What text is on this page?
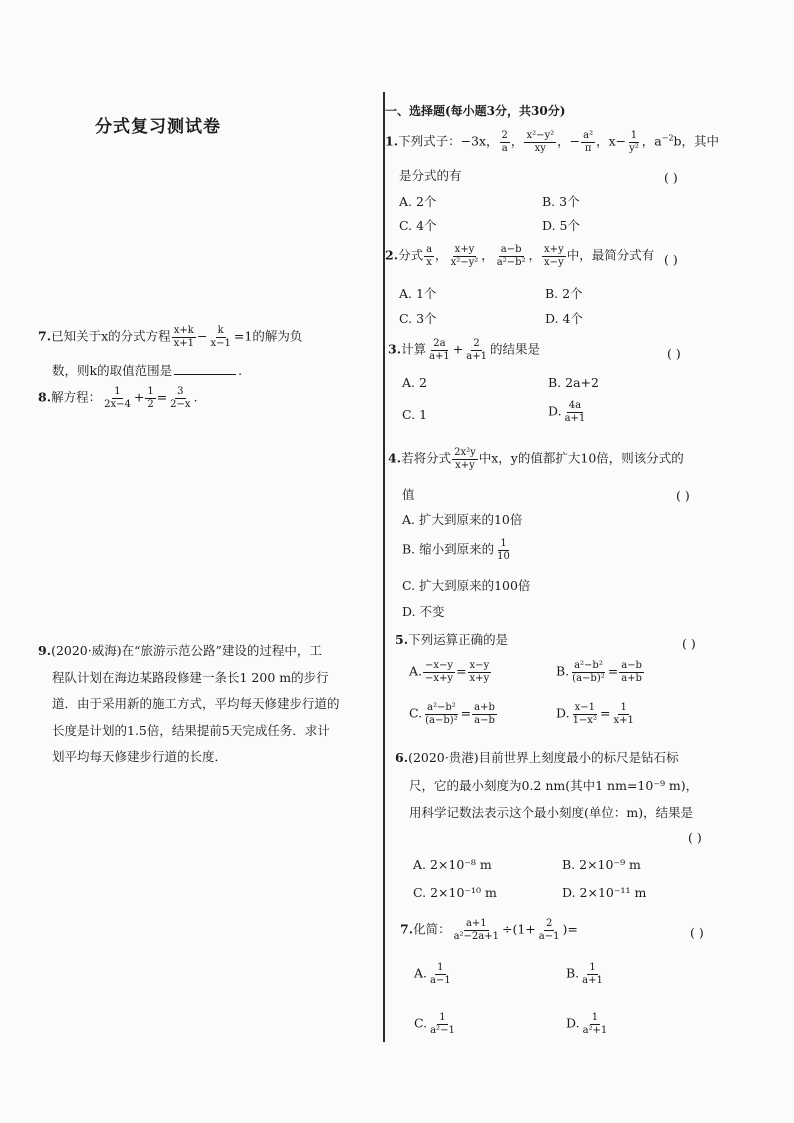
分式复习测试卷
7.已知关于x的分式方程 $\frac{x+k}{x+1} - \frac{k}{x-1} =1$的解为负
数，则k的取值范围是	.
8.解方程： $\frac{1}{2x-4} + \frac{1}{2} = \frac{3}{2-x}$ .
9.(2020·威海)在“旅游示范公路”建设的过程中，工
程队计划在海边某路段修建一条长1 200 m的步行
道．由于采用新的施工方式，平均每天修建步行道的
长度是计划的1.5倍，结果提前5天完成任务．求计
划平均每天修建步行道的长度．
一、选择题(每小题3分，共30分)
1.下列式子：−3x， $\frac{2}{a}$ ， $\frac{\text{x²−y²}}{xy}$ ，− $\frac{\text{a²}}{\pi}$ ，$x- \frac{1}{\text{y²}}$ ，$a^{-2}b$，其中
是分式的有	( )
A. 2个	B. 3个
C. 4个	D. 5个
2.分式 $\frac{a}{x}$ ， $\frac{x+y}{\text{x²−y²}}$ ， $\frac{a-b}{\text{a²−b²}}$ ， $\frac{x+y}{x-y}$ 中，最简分式有 ( )
A. 1个	B. 2个
C. 3个	D. 4个
3.计算 $\frac{2a}{a+1} + \frac{2}{a+1}$ 的结果是	( )
A. 2	B. 2a+2
C. 1	D. $\frac{4a}{a+1}$
4.若将分式 $\frac{\text{2x²y}}{x+y}$ 中x，y的值都扩大10倍，则该分式的
值	( )
A. 扩大到原来的10倍
B. 缩小到原来的 $\frac{1}{10}$
C. 扩大到原来的100倍
D. 不变
5.下列运算正确的是	( )
A. $\frac{-x-y}{-x+y} = \frac{x-y}{x+y}$	B. $\frac{\text{a²−b²}}{\text{(a−b)²}} = \frac{a-b}{a+b}$
C. $\frac{\text{a²−b²}}{\text{(a−b)²}} = \frac{a+b}{a-b}$	D. $\frac{x-1}{\text{1−x²}} = \frac{1}{x+1}$
6.(2020·贵港)目前世界上刻度最小的标尺是钻石标
尺，它的最小刻度为0.2 nm(其中1 nm=10⁻⁹ m)，
用科学记数法表示这个最小刻度(单位：m)，结果是
( )
A. 2×10⁻⁸ m	B. 2×10⁻⁹ m
C. 2×10⁻¹⁰ m	D. 2×10⁻¹¹ m
7.化简： $\frac{a+1}{\text{a²−2a+1}} \div(1+ \frac{2}{a-1}$ )=	( )
A. $\frac{1}{a-1}$	B. $\frac{1}{a+1}$
C. $\frac{1}{\text{a²−1}}$	D. $\frac{1}{\text{a²+1}}$
